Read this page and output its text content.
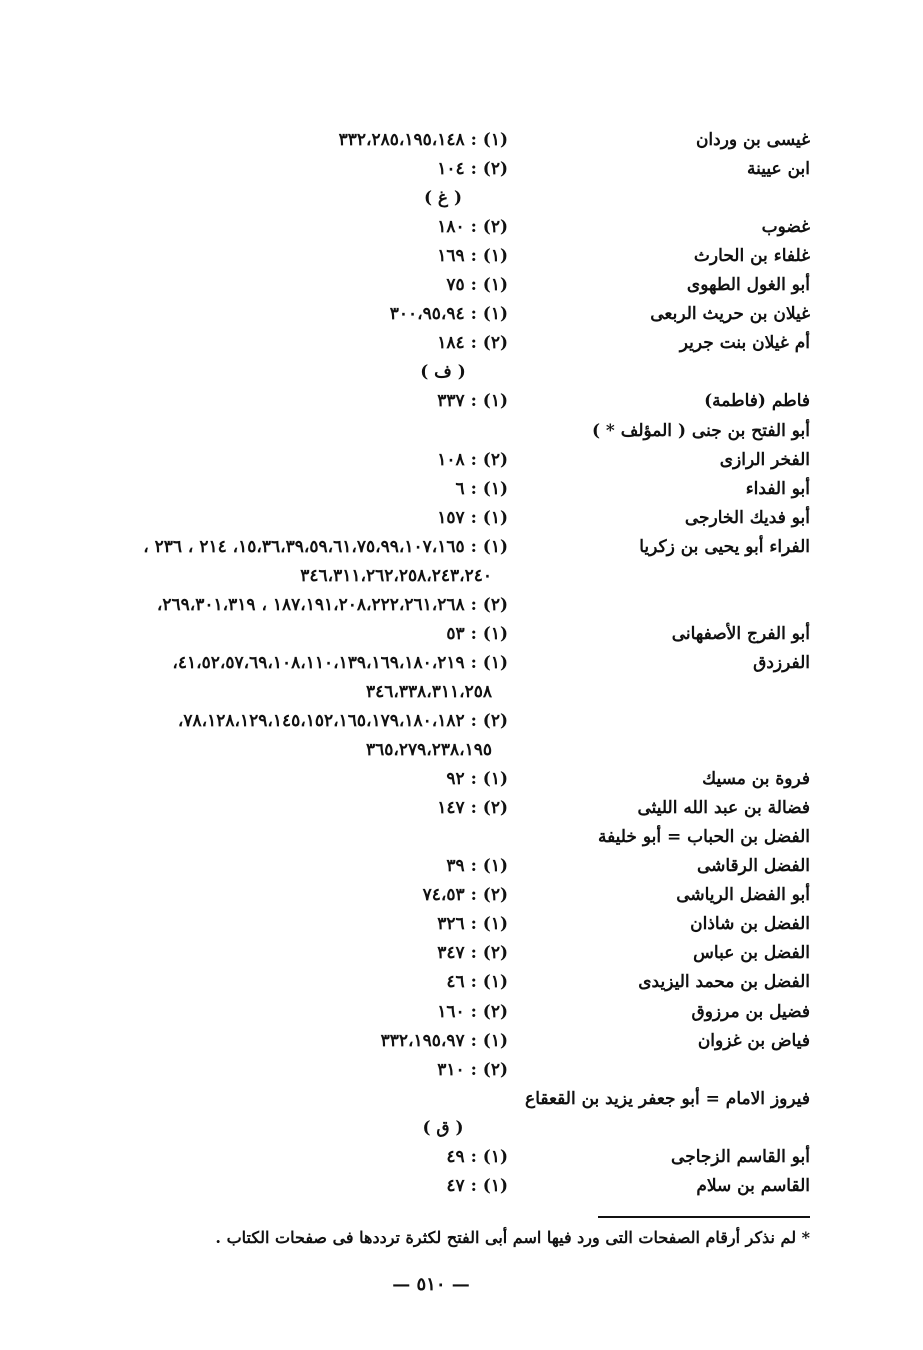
غيسى بن وردان
(١) : ٣٣٢،٢٨٥،١٩٥،١٤٨
ابن عيينة
(٢) : ١٠٤
( غ )
غضوب
(٢) : ١٨٠
غلفاء بن الحارث
(١) : ١٦٩
أبو الغول الطهوى
(١) : ٧٥
غيلان بن حريث الربعى
(١) : ٣٠٠،٩٥،٩٤
أم غيلان بنت جرير
(٢) : ١٨٤
( ف )
فاطم (فاطمة)
(١) : ٣٣٧
أبو الفتح بن جنى ( المؤلف * )
الفخر الرازى
(٢) : ١٠٨
أبو الفداء
(١) : ٦
أبو فديك الخارجى
(١) : ١٥٧
الفراء أبو يحيى بن زكريا
(١) : ١٥،٣٦،٣٩،٥٩،٦١،٧٥،٩٩،١٠٧،١٦٥، ٢١٤ ، ٢٣٦ ،
٣٤٦،٣١١،٢٦٢،٢٥٨،٢٤٣،٢٤٠
(٢) : ١٨٧،١٩١،٢٠٨،٢٢٢،٢٦١،٢٦٨ ، ٢٦٩،٣٠١،٣١٩،
أبو الفرج الأصفهانى
(١) : ٥٣
الفرزدق
(١) : ٤١،٥٢،٥٧،٦٩،١٠٨،١١٠،١٣٩،١٦٩،١٨٠،٢١٩،
٣٤٦،٣٣٨،٣١١،٢٥٨
(٢) : ٧٨،١٢٨،١٢٩،١٤٥،١٥٢،١٦٥،١٧٩،١٨٠،١٨٢،
٣٦٥،٢٧٩،٢٣٨،١٩٥
فروة بن مسيك
(١) : ٩٢
فضالة بن عبد الله الليثى
(٢) : ١٤٧
الفضل بن الحباب = أبو خليفة
الفضل الرقاشى
(١) : ٣٩
أبو الفضل الرياشى
(٢) : ٧٤،٥٣
الفضل بن شاذان
(١) : ٣٢٦
الفضل بن عباس
(٢) : ٣٤٧
الفضل بن محمد اليزيدى
(١) : ٤٦
فضيل بن مرزوق
(٢) : ١٦٠
فياض بن غزوان
(١) : ٣٣٢،١٩٥،٩٧
(٢) : ٣١٠
فيروز الامام = أبو جعفر يزيد بن القعقاع
( ق )
أبو القاسم الزجاجى
(١) : ٤٩
القاسم بن سلام
(١) : ٤٧
* لم نذكر أرقام الصفحات التى ورد فيها اسم أبى الفتح لكثرة ترددها فى صفحات الكتاب .
— ٥١٠ —
